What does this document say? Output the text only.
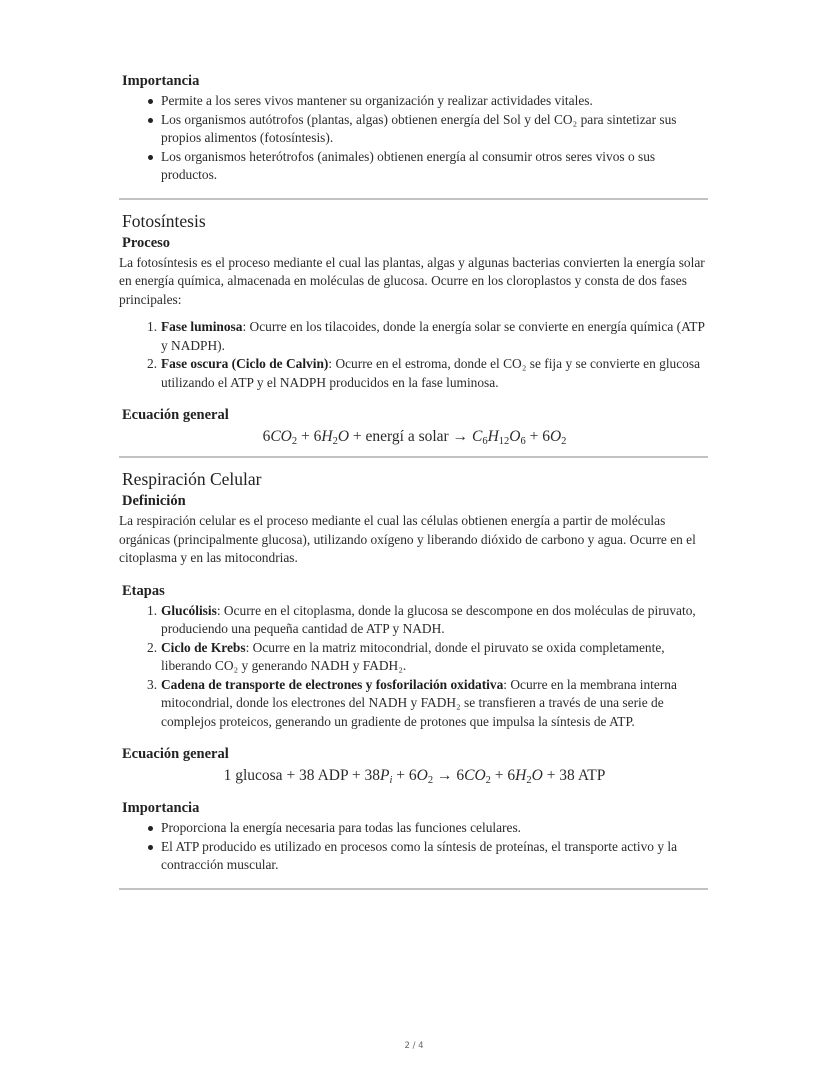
Importancia
Permite a los seres vivos mantener su organización y realizar actividades vitales.
Los organismos autótrofos (plantas, algas) obtienen energía del Sol y del CO₂ para sintetizar sus propios alimentos (fotosíntesis).
Los organismos heterótrofos (animales) obtienen energía al consumir otros seres vivos o sus productos.
Fotosíntesis
Proceso

La fotosíntesis es el proceso mediante el cual las plantas, algas y algunas bacterias convierten la energía solar en energía química, almacenada en moléculas de glucosa. Ocurre en los cloroplastos y consta de dos fases principales:

1. Fase luminosa: Ocurre en los tilacoides, donde la energía solar se convierte en energía química (ATP y NADPH).
2. Fase oscura (Ciclo de Calvin): Ocurre en el estroma, donde el CO₂ se fija y se convierte en glucosa utilizando el ATP y el NADPH producidos en la fase luminosa.
Ecuación general
$6CO_2 + 6H_2O$ + energí a solar → $C_6H_{12}O_6 + 6O_2$
Respiración Celular
Definición

La respiración celular es el proceso mediante el cual las células obtienen energía a partir de moléculas orgánicas (principalmente glucosa), utilizando oxígeno y liberando dióxido de carbono y agua. Ocurre en el citoplasma y en las mitocondrias.

Etapas
1. Glucólisis: Ocurre en el citoplasma, donde la glucosa se descompone en dos moléculas de piruvato, produciendo una pequeña cantidad de ATP y NADH.
2. Ciclo de Krebs: Ocurre en la matriz mitocondrial, donde el piruvato se oxida completamente, liberando CO₂ y generando NADH y FADH₂.
3. Cadena de transporte de electrones y fosforilación oxidativa: Ocurre en la membrana interna mitocondrial, donde los electrones del NADH y FADH₂ se transfieren a través de una serie de complejos proteicos, generando un gradiente de protones que impulsa la síntesis de ATP.
Ecuación general
1 glucosa + 38 ADP + $38P_i + 6O_2 \to 6CO_2 + 6H_2O + 38$ ATP
Importancia
Proporciona la energía necesaria para todas las funciones celulares.
El ATP producido es utilizado en procesos como la síntesis de proteínas, el transporte activo y la contracción muscular.
2 / 4
